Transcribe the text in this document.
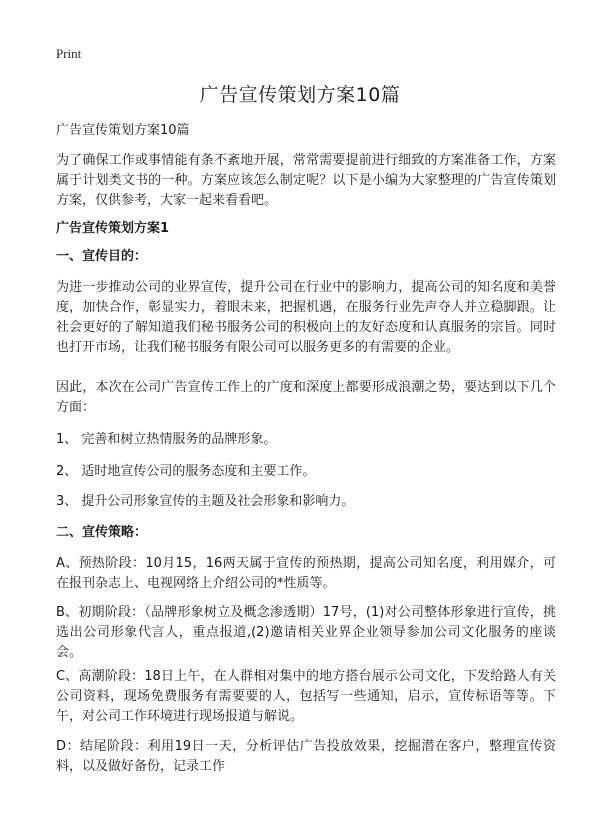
Print
广告宣传策划方案10篇

广告宣传策划方案10篇

为了确保工作或事情能有条不紊地开展，常常需要提前进行细致的方案准备工作，方案属于计划类文书的一种。方案应该怎么制定呢？以下是小编为大家整理的广告宣传策划方案，仅供参考，大家一起来看看吧。

广告宣传策划方案1

一、宣传目的：

为进一步推动公司的业界宣传，提升公司在行业中的影响力，提高公司的知名度和美誉度，加快合作，彰显实力，着眼未来，把握机遇，在服务行业先声夺人并立稳脚跟。让社会更好的了解知道我们秘书服务公司的积极向上的友好态度和认真服务的宗旨。同时也打开市场，让我们秘书服务有限公司可以服务更多的有需要的企业。

因此，本次在公司广告宣传工作上的广度和深度上都要形成浪潮之势，要达到以下几个方面：

1、 完善和树立热情服务的品牌形象。

2、 适时地宣传公司的服务态度和主要工作。

3、 提升公司形象宣传的主题及社会形象和影响力。

二、宣传策略：

A、预热阶段：10月15，16两天属于宣传的预热期，提高公司知名度，利用媒介，可在报刊杂志上、电视网络上介绍公司的*性质等。

B、初期阶段：（品牌形象树立及概念渗透期）17号，(1)对公司整体形象进行宣传，挑选出公司形象代言人，重点报道,(2)邀请相关业界企业领导参加公司文化服务的座谈会。

C、高潮阶段：18日上午，在人群相对集中的地方搭台展示公司文化，下发给路人有关公司资料，现场免费服务有需要要的人，包括写一些通知，启示，宣传标语等等。下午，对公司工作环境进行现场报道与解说。

D：结尾阶段：利用19日一天，分析评估广告投放效果，挖掘潜在客户，整理宣传资料，以及做好备份，记录工作
